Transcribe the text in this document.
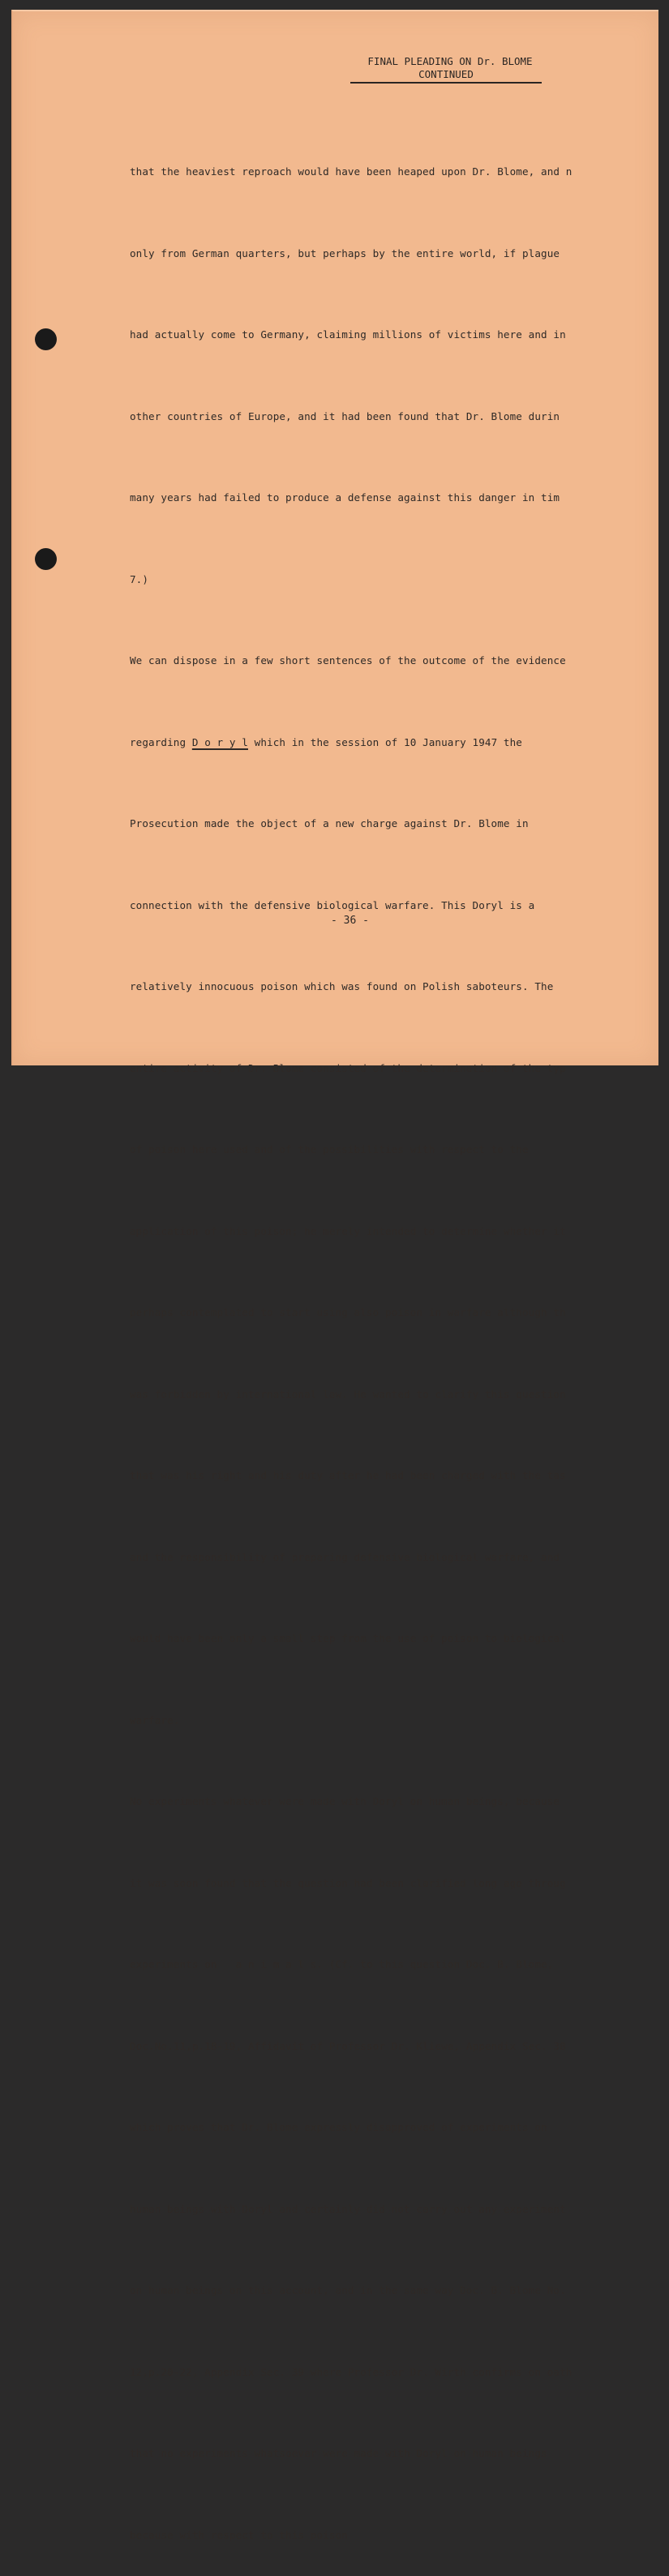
FINAL PLEADING ON Dr. BLOME
CONTINUED

that the heaviest reproach would have been heaped upon Dr. Blome, and n

only from German quarters, but perhaps by the entire world, if plague

had actually come to Germany, claiming millions of victims here and in

other countries of Europe, and it had been found that Dr. Blome durin

many years had failed to produce a defense against this danger in tim

7.)

We can dispose in a few short sentences of the outcome of the evidence

regarding D o r y l which in the session of 10 January 1947 the

Prosecution made the object of a new charge against Dr. Blome in

connection with the defensive biological warfare. This Doryl is a

relatively innocuous poison which was found on Polish saboteurs. The

entire activity of Dr. Blome consisted of the determination of the typ

of poison here used and of the possibilities with respect to the

application of this poison; he merely intended to determine whether it

perhaps contemplated to start using also poison in warfare although th

was forbidden by international law. He wanted to clarify this question

that was his right and his duty after he had been charged with the tas

and the responsibility of preparing defensive biological warfare, and

would have been only a small step from the use of poison to biological

warfare.

No experiments whatever were made with Doryl on human beings, because

it was soon found that the question had been clarified long ago throug

experiments on   a n i m a l s. (Cf. to this question Doc. B. Blome,

Doc.No.11,p.18-19, Affidavit of Professor Dr. Kliewe, Appendix Sec. 38

which proves that Dr. Blome expressly disapproved of experiments on

human beings with Doryl and certainly did not carry out any experiment

on human beings on this account, and in the same way Doc. B. Blome No.

12,p.20-22, Appendix Sec. 39 where Professor Dr. Wirth confirms on oath

that no experiments whatsoever were made with Doryl on human beings

because with respect to this poison

- 36 -
